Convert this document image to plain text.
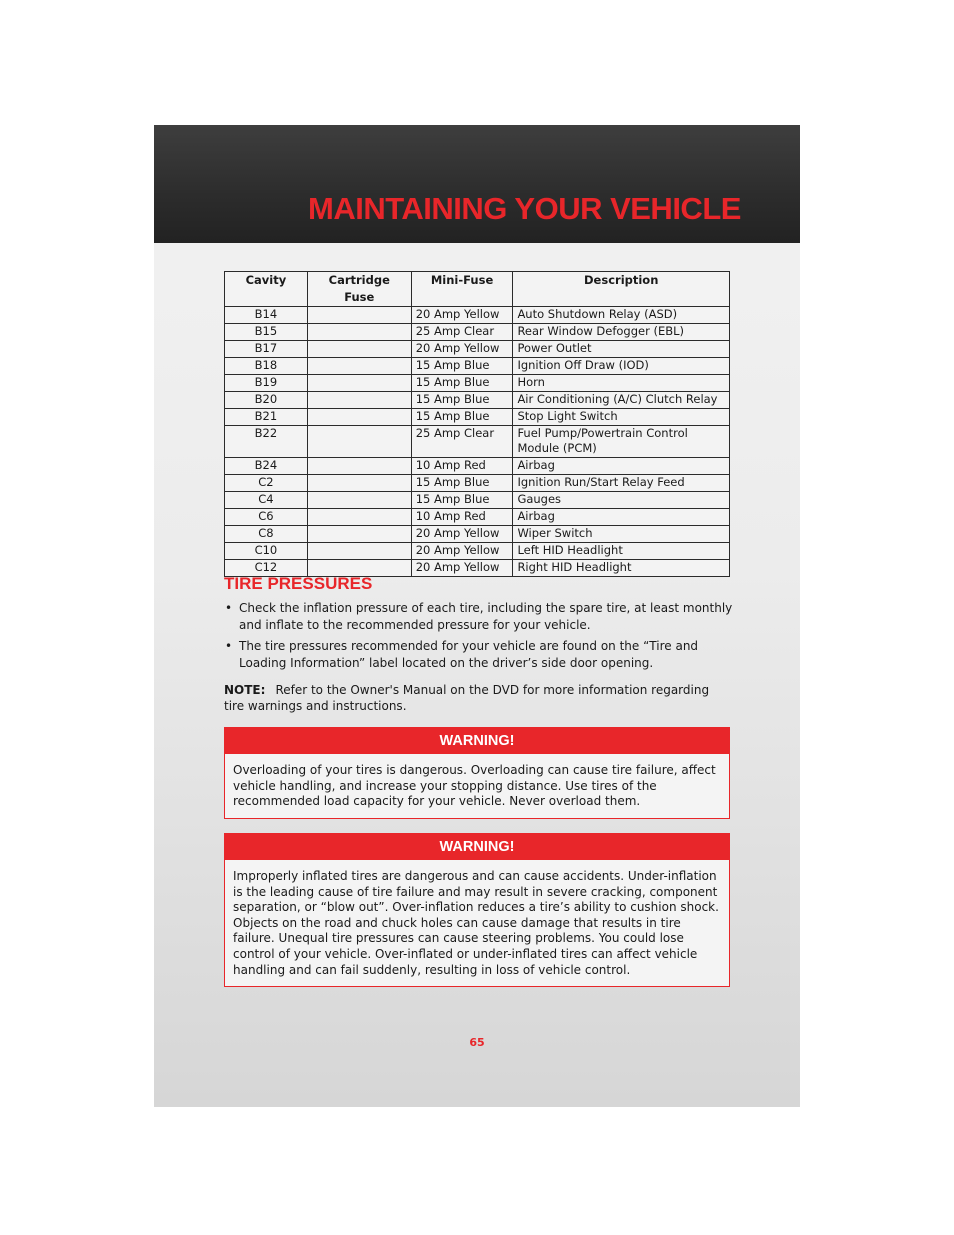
MAINTAINING YOUR VEHICLE
Cavity	Cartridge Fuse	Mini-Fuse	Description
B14		20 Amp Yellow	Auto Shutdown Relay (ASD)
B15		25 Amp Clear	Rear Window Defogger (EBL)
B17		20 Amp Yellow	Power Outlet
B18		15 Amp Blue	Ignition Off Draw (IOD)
B19		15 Amp Blue	Horn
B20		15 Amp Blue	Air Conditioning (A/C) Clutch Relay
B21		15 Amp Blue	Stop Light Switch
B22		25 Amp Clear	Fuel Pump/Powertrain Control Module (PCM)
B24		10 Amp Red	Airbag
C2		15 Amp Blue	Ignition Run/Start Relay Feed
C4		15 Amp Blue	Gauges
C6		10 Amp Red	Airbag
C8		20 Amp Yellow	Wiper Switch
C10		20 Amp Yellow	Left HID Headlight
C12		20 Amp Yellow	Right HID Headlight
TIRE PRESSURES
• Check the inflation pressure of each tire, including the spare tire, at least monthly and inflate to the recommended pressure for your vehicle.
• The tire pressures recommended for your vehicle are found on the “Tire and Loading Information” label located on the driver’s side door opening.
NOTE: Refer to the Owner's Manual on the DVD for more information regarding tire warnings and instructions.
WARNING!
Overloading of your tires is dangerous. Overloading can cause tire failure, affect vehicle handling, and increase your stopping distance. Use tires of the recommended load capacity for your vehicle. Never overload them.
WARNING!
Improperly inflated tires are dangerous and can cause accidents. Under-inflation is the leading cause of tire failure and may result in severe cracking, component separation, or “blow out”. Over-inflation reduces a tire’s ability to cushion shock. Objects on the road and chuck holes can cause damage that results in tire failure. Unequal tire pressures can cause steering problems. You could lose control of your vehicle. Over-inflated or under-inflated tires can affect vehicle handling and can fail suddenly, resulting in loss of vehicle control.
65
